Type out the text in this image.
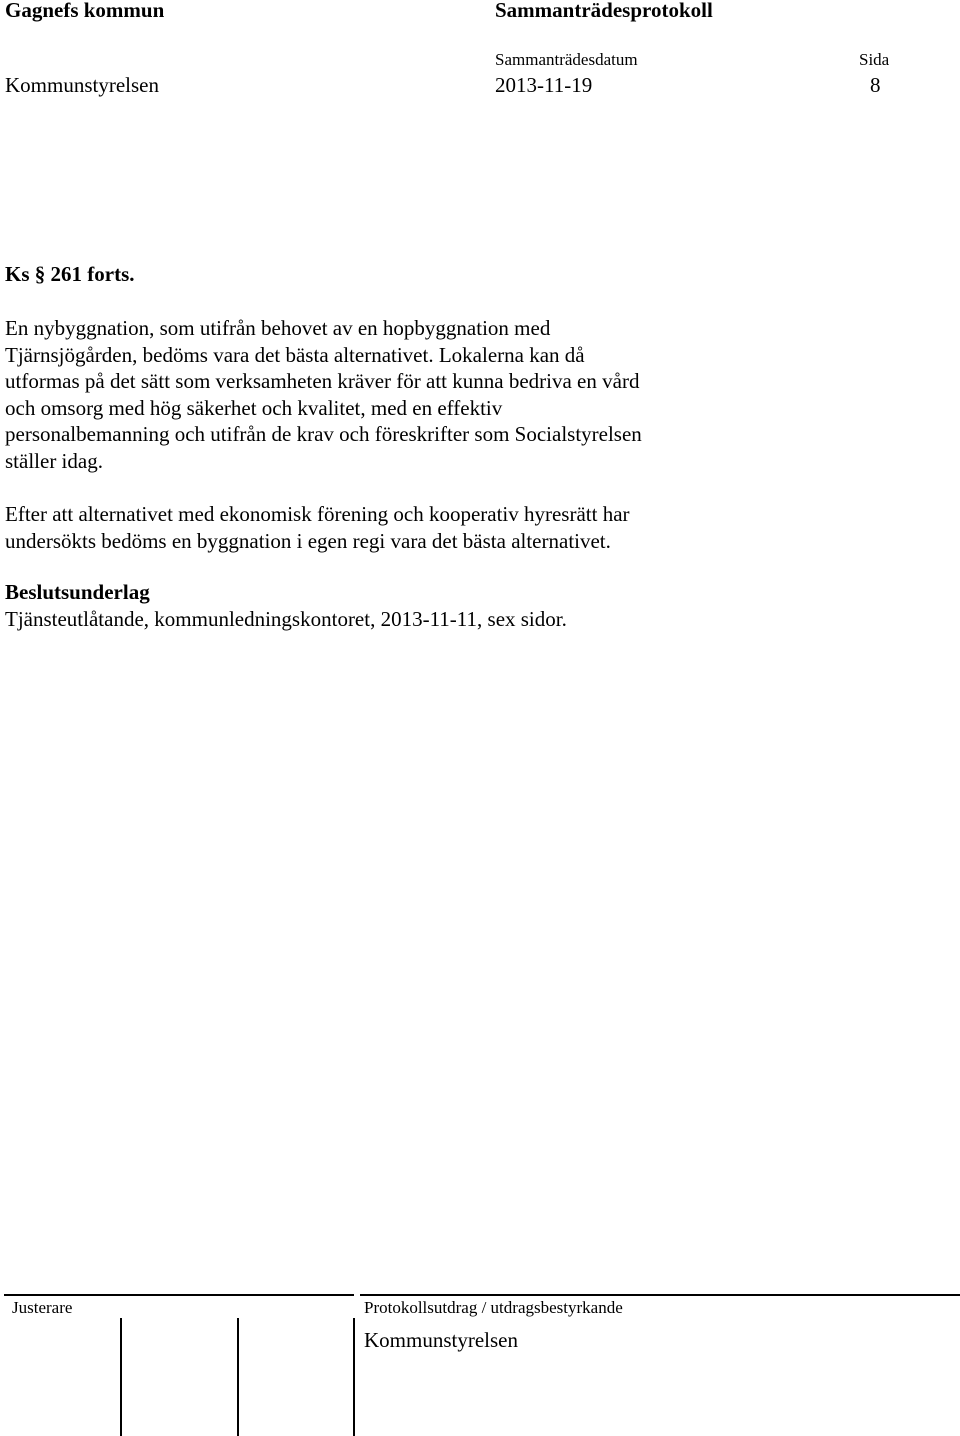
Gagnefs kommun	Sammanträdesprotokoll
Sammanträdesdatum	Sida
Kommunstyrelsen	2013-11-19	8
Ks § 261 forts.

En nybyggnation, som utifrån behovet av en hopbyggnation med
Tjärnsjögården, bedöms vara det bästa alternativet. Lokalerna kan då
utformas på det sätt som verksamheten kräver för att kunna bedriva en vård
och omsorg med hög säkerhet och kvalitet, med en effektiv
personalbemanning och utifrån de krav och föreskrifter som Socialstyrelsen
ställer idag.

Efter att alternativet med ekonomisk förening och kooperativ hyresrätt har
undersökts bedöms en byggnation i egen regi vara det bästa alternativet.

Beslutsunderlag
Tjänsteutlåtande, kommunledningskontoret, 2013-11-11, sex sidor.
Justerare	Protokollsutdrag / utdragsbestyrkande
Kommunstyrelsen
